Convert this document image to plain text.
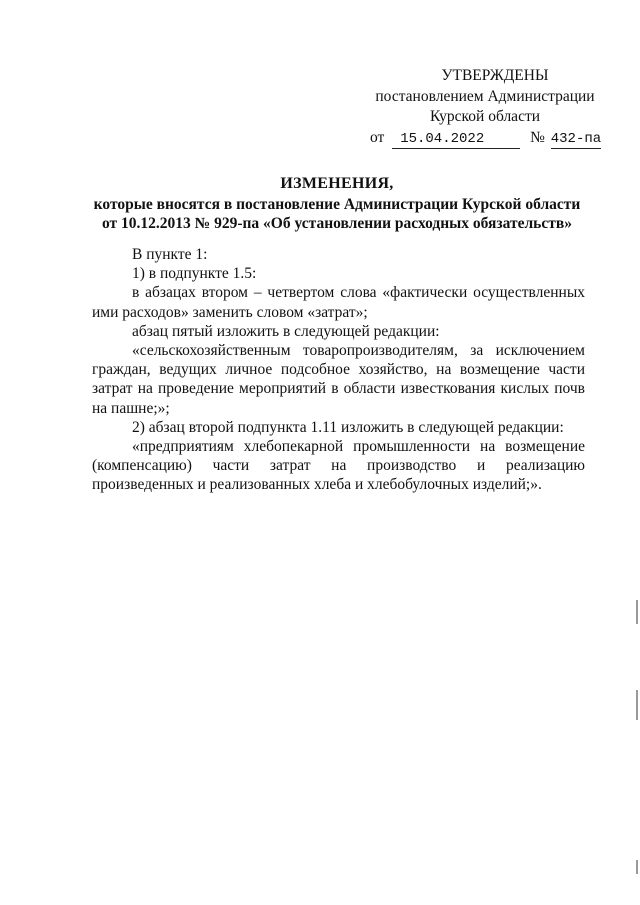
УТВЕРЖДЕНЫ
постановлением Администрации
Курской области
от 15.04.2022	№ 432-па
ИЗМЕНЕНИЯ,
которые вносятся в постановление Администрации Курской области
от 10.12.2013 № 929-па «Об установлении расходных обязательств»

В пункте 1:

1) в подпункте 1.5:

в абзацах втором – четвертом слова «фактически осуществленных ими расходов» заменить словом «затрат»;

абзац пятый изложить в следующей редакции:

«сельскохозяйственным товаропроизводителям, за исключением граждан, ведущих личное подсобное хозяйство, на возмещение части затрат на проведение мероприятий в области известкования кислых почв на пашне;»;

2) абзац второй подпункта 1.11 изложить в следующей редакции:

«предприятиям хлебопекарной промышленности на возмещение (компенсацию) части затрат на производство и реализацию произведенных и реализованных хлеба и хлебобулочных изделий;».
